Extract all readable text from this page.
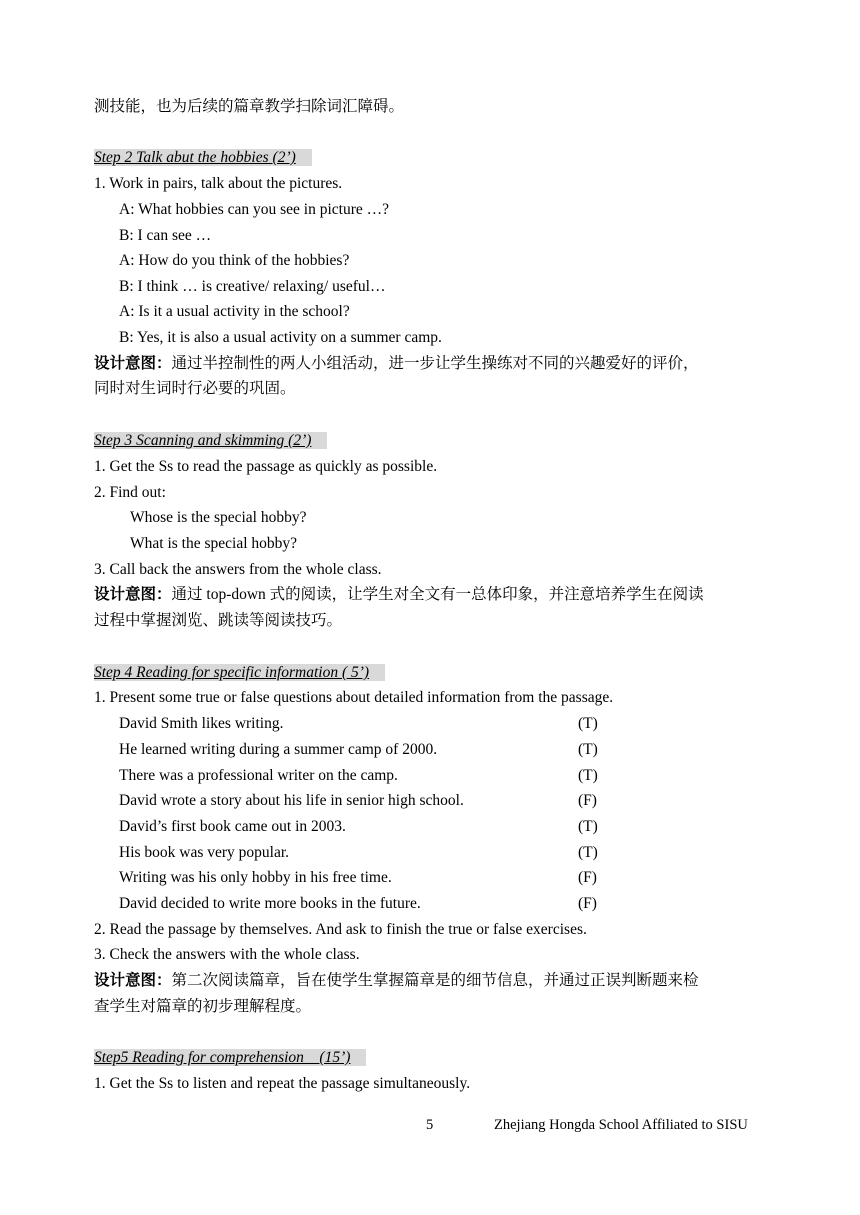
测技能，也为后续的篇章教学扫除词汇障碍。
Step 2 Talk abut the hobbies (2’)
1. Work in pairs, talk about the pictures.
A: What hobbies can you see in picture …?
B: I can see …
A: How do you think of the hobbies?
B: I think … is creative/ relaxing/ useful…
A: Is it a usual activity in the school?
B: Yes, it is also a usual activity on a summer camp.
设计意图：通过半控制性的两人小组活动，进一步让学生操练对不同的兴趣爱好的评价，
同时对生词时行必要的巩固。
Step 3 Scanning and skimming (2’)
1. Get the Ss to read the passage as quickly as possible.
2. Find out:
Whose is the special hobby?
What is the special hobby?
3. Call back the answers from the whole class.
设计意图：通过 top-down 式的阅读，让学生对全文有一总体印象，并注意培养学生在阅读
过程中掌握浏览、跳读等阅读技巧。
Step 4 Reading for specific information ( 5’)
1. Present some true or false questions about detailed information from the passage.
David Smith likes writing.	(T)
He learned writing during a summer camp of 2000.	(T)
There was a professional writer on the camp.	(T)
David wrote a story about his life in senior high school.	(F)
David’s first book came out in 2003.	(T)
His book was very popular.	(T)
Writing was his only hobby in his free time.	(F)
David decided to write more books in the future.	(F)
2. Read the passage by themselves. And ask to finish the true or false exercises.
3. Check the answers with the whole class.
设计意图：第二次阅读篇章，旨在使学生掌握篇章是的细节信息，并通过正误判断题来检
查学生对篇章的初步理解程度。
Step5 Reading for comprehension    (15’)
1. Get the Ss to listen and repeat the passage simultaneously.
5	Zhejiang Hongda School Affiliated to SISU
